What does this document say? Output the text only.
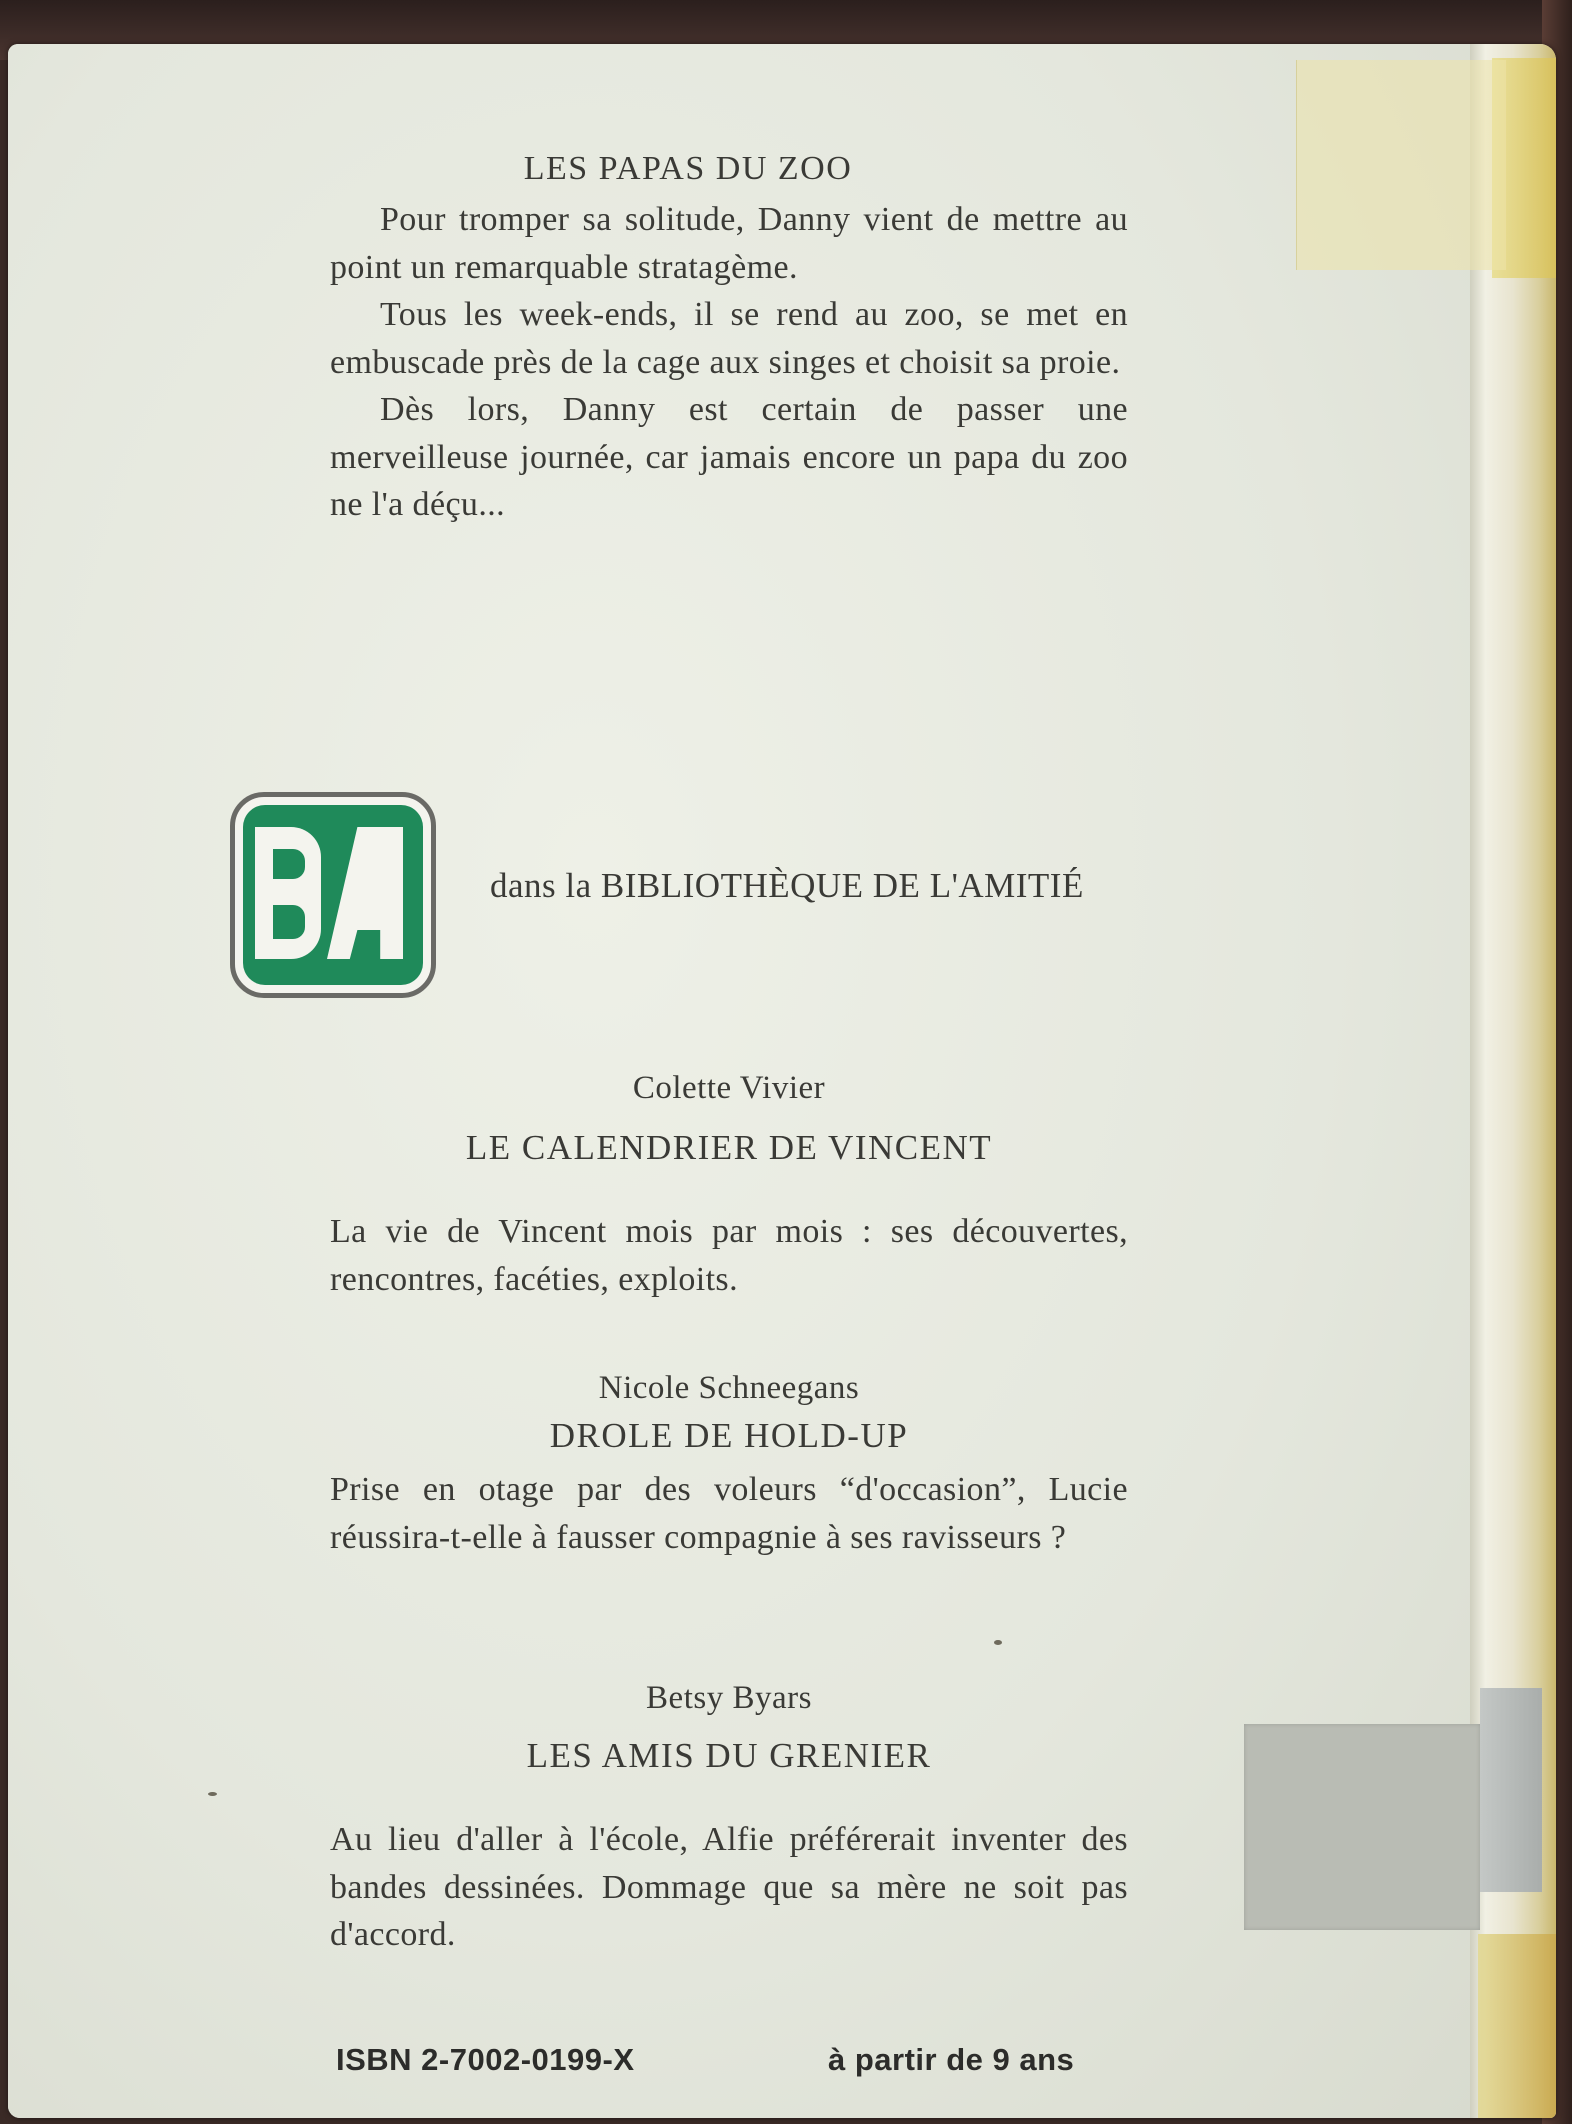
LES PAPAS DU ZOO

Pour tromper sa solitude, Danny vient de mettre au point un remarquable stratagème.

Tous les week-ends, il se rend au zoo, se met en embuscade près de la cage aux singes et choisit sa proie.

Dès lors, Danny est certain de passer une merveilleuse journée, car jamais encore un papa du zoo ne l'a déçu...

dans la BIBLIOTHÈQUE DE L'AMITIÉ
Colette Vivier
LE CALENDRIER DE VINCENT
La vie de Vincent mois par mois : ses découvertes, rencontres, facéties, exploits.
Nicole Schneegans
DROLE DE HOLD-UP
Prise en otage par des voleurs “d'occasion”, Lucie réussira-t-elle à fausser compagnie à ses ravisseurs ?
Betsy Byars
LES AMIS DU GRENIER
Au lieu d'aller à l'école, Alfie préférerait inventer des bandes dessinées. Dommage que sa mère ne soit pas d'accord.
ISBN 2-7002-0199-X	à partir de 9 ans
